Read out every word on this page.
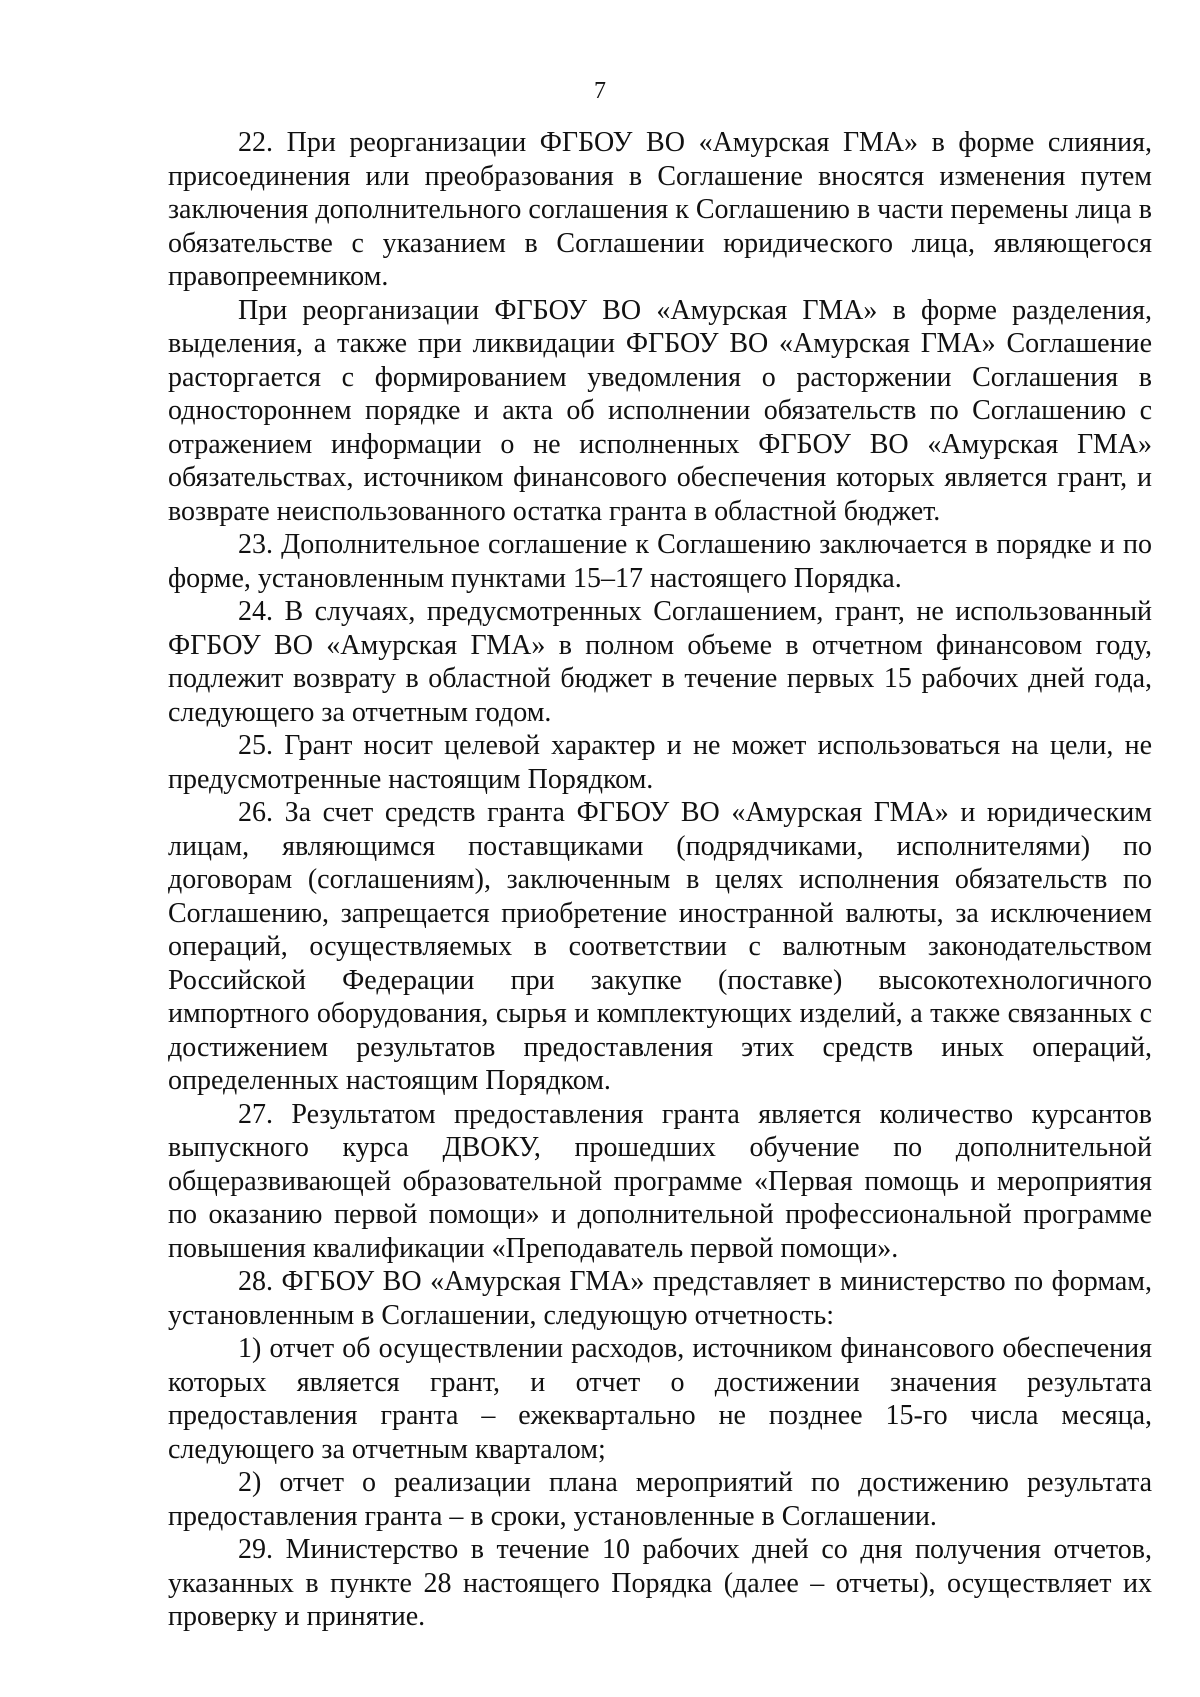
7

22. При реорганизации ФГБОУ ВО «Амурская ГМА» в форме слияния, присоединения или преобразования в Соглашение вносятся изменения путем заключения дополнительного соглашения к Соглашению в части перемены лица в обязательстве с указанием в Соглашении юридического лица, являющегося правопреемником.

При реорганизации ФГБОУ ВО «Амурская ГМА» в форме разделения, выделения, а также при ликвидации ФГБОУ ВО «Амурская ГМА» Соглашение расторгается с формированием уведомления о расторжении Соглашения в одностороннем порядке и акта об исполнении обязательств по Соглашению с отражением информации о не исполненных ФГБОУ ВО «Амурская ГМА» обязательствах, источником финансового обеспечения которых является грант, и возврате неиспользованного остатка гранта в областной бюджет.

23. Дополнительное соглашение к Соглашению заключается в порядке и по форме, установленным пунктами 15–17 настоящего Порядка.

24. В случаях, предусмотренных Соглашением, грант, не использованный ФГБОУ ВО «Амурская ГМА» в полном объеме в отчетном финансовом году, подлежит возврату в областной бюджет в течение первых 15 рабочих дней года, следующего за отчетным годом.

25. Грант носит целевой характер и не может использоваться на цели, не предусмотренные настоящим Порядком.

26. За счет средств гранта ФГБОУ ВО «Амурская ГМА» и юридическим лицам, являющимся поставщиками (подрядчиками, исполнителями) по договорам (соглашениям), заключенным в целях исполнения обязательств по Соглашению, запрещается приобретение иностранной валюты, за исключением операций, осуществляемых в соответствии с валютным законодательством Российской Федерации при закупке (поставке) высокотехнологичного импортного оборудования, сырья и комплектующих изделий, а также связанных с достижением результатов предоставления этих средств иных операций, определенных настоящим Порядком.

27. Результатом предоставления гранта является количество курсантов выпускного курса ДВОКУ, прошедших обучение по дополнительной общеразвивающей образовательной программе «Первая помощь и мероприятия по оказанию первой помощи» и дополнительной профессиональной программе повышения квалификации «Преподаватель первой помощи».

28. ФГБОУ ВО «Амурская ГМА» представляет в министерство по формам, установленным в Соглашении, следующую отчетность:

1) отчет об осуществлении расходов, источником финансового обеспечения которых является грант, и отчет о достижении значения результата предоставления гранта – ежеквартально не позднее 15-го числа месяца, следующего за отчетным кварталом;

2) отчет о реализации плана мероприятий по достижению результата предоставления гранта – в сроки, установленные в Соглашении.

29. Министерство в течение 10 рабочих дней со дня получения отчетов, указанных в пункте 28 настоящего Порядка (далее – отчеты), осуществляет их проверку и принятие.
